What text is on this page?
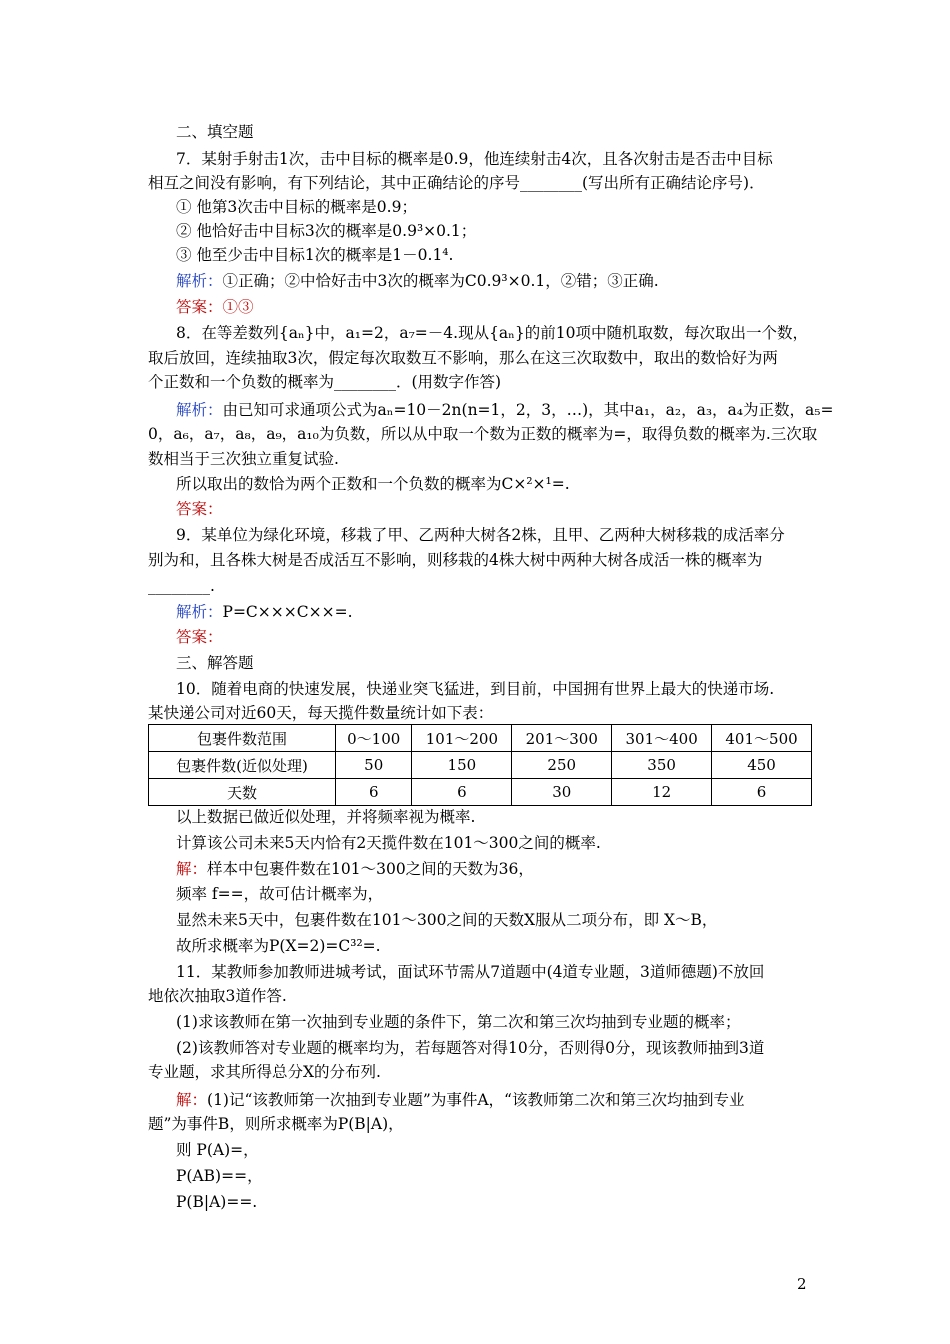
二、填空题
7．某射手射击1次，击中目标的概率是0.9，他连续射击4次，且各次射击是否击中目标
相互之间没有影响，有下列结论，其中正确结论的序号________(写出所有正确结论序号)．
① 他第3次击中目标的概率是0.9；
② 他恰好击中目标3次的概率是0.9³×0.1；
③ 他至少击中目标1次的概率是1－0.1⁴.
解析：①正确；②中恰好击中3次的概率为C0.9³×0.1，②错；③正确.
答案：①③
8．在等差数列{aₙ}中，a₁=2，a₇=－4.现从{aₙ}的前10项中随机取数，每次取出一个数，
取后放回，连续抽取3次，假定每次取数互不影响，那么在这三次取数中，取出的数恰好为两
个正数和一个负数的概率为________．(用数字作答)
解析：由已知可求通项公式为aₙ=10－2n(n=1，2，3，…)，其中a₁，a₂，a₃，a₄为正数，a₅=
0，a₆，a₇，a₈，a₉，a₁₀为负数，所以从中取一个数为正数的概率为=，取得负数的概率为.三次取
数相当于三次独立重复试验.
所以取出的数恰为两个正数和一个负数的概率为C×²×¹=.
答案：
9．某单位为绿化环境，移栽了甲、乙两种大树各2株，且甲、乙两种大树移栽的成活率分
别为和，且各株大树是否成活互不影响，则移栽的4株大树中两种大树各成活一株的概率为
________.
解析：P=C×××C××=.
答案：
三、解答题
10．随着电商的快速发展，快递业突飞猛进，到目前，中国拥有世界上最大的快递市场.
某快递公司对近60天，每天揽件数量统计如下表：
包裹件数范围	0～100	101～200	201～300	301～400	401～500
包裹件数(近似处理)	50	150	250	350	450
天数	6	6	30	12	6
以上数据已做近似处理，并将频率视为概率.
计算该公司未来5天内恰有2天揽件数在101～300之间的概率.
解：样本中包裹件数在101～300之间的天数为36，
频率 f==，故可估计概率为，
显然未来5天中，包裹件数在101～300之间的天数X服从二项分布，即 X～B，
故所求概率为P(X=2)=C³²=.
11．某教师参加教师进城考试，面试环节需从7道题中(4道专业题，3道师德题)不放回
地依次抽取3道作答.
(1)求该教师在第一次抽到专业题的条件下，第二次和第三次均抽到专业题的概率；
(2)该教师答对专业题的概率均为，若每题答对得10分，否则得0分，现该教师抽到3道
专业题，求其所得总分X的分布列.
解：(1)记“该教师第一次抽到专业题”为事件A，“该教师第二次和第三次均抽到专业
题”为事件B，则所求概率为P(B|A)，
则 P(A)=，
P(AB)==，
P(B|A)==.
2
